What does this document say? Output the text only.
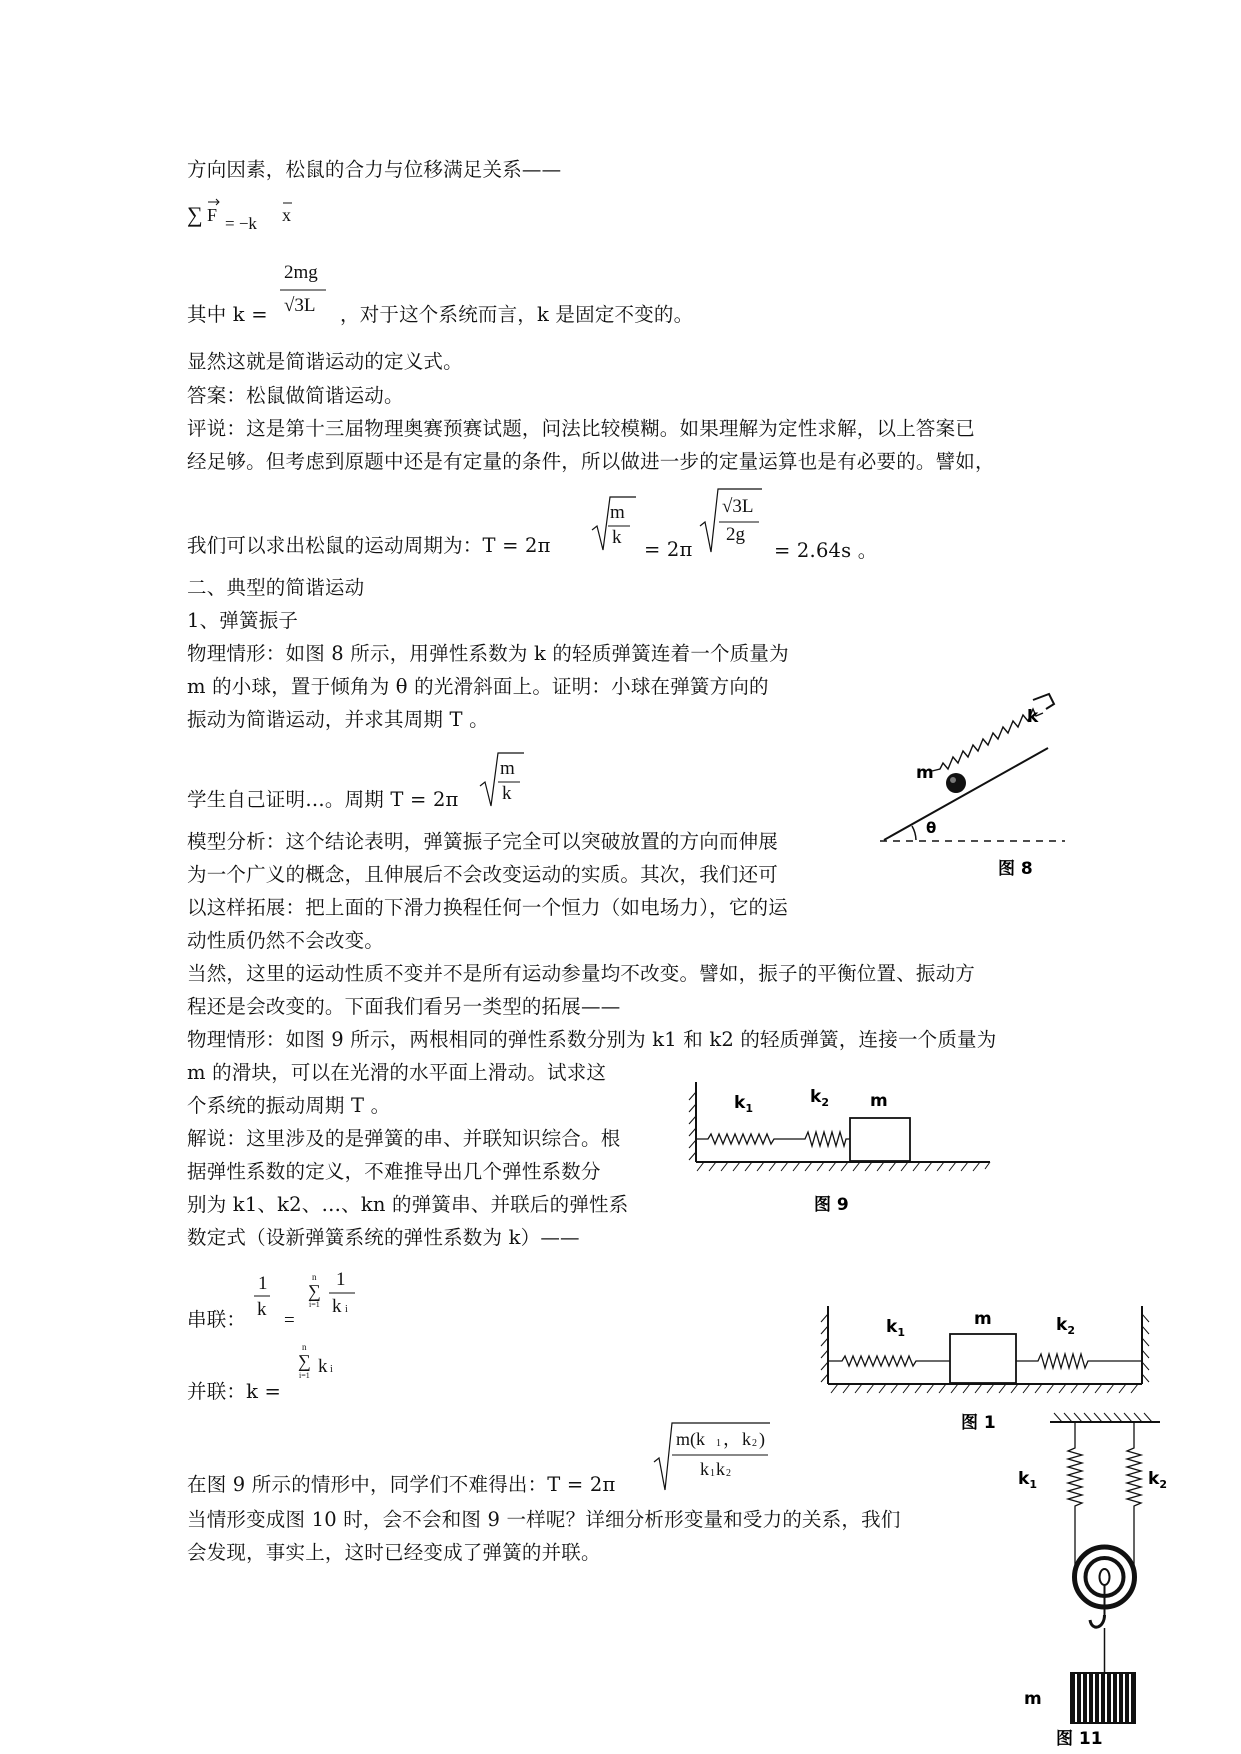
方向因素，松鼠的合力与位移满足关系——
∑ F = −k x
其中 k =
2mg
√3L ，对于这个系统而言，k 是固定不变的。
显然这就是简谐运动的定义式。
答案：松鼠做简谐运动。
评说：这是第十三届物理奥赛预赛试题，问法比较模糊。如果理解为定性求解，以上答案已
经足够。但考虑到原题中还是有定量的条件，所以做进一步的定量运算也是有必要的。譬如，
我们可以求出松鼠的运动周期为：T = 2π
m
k
= 2π
√3L
2g
= 2.64s 。
二、典型的简谐运动
1、弹簧振子
物理情形：如图 8 所示，用弹性系数为 k 的轻质弹簧连着一个质量为
m 的小球，置于倾角为 θ 的光滑斜面上。证明：小球在弹簧方向的
振动为简谐运动，并求其周期 T 。
学生自己证明…。周期 T = 2π
m
k
模型分析：这个结论表明，弹簧振子完全可以突破放置的方向而伸展
为一个广义的概念，且伸展后不会改变运动的实质。其次，我们还可
以这样拓展：把上面的下滑力换程任何一个恒力（如电场力），它的运
动性质仍然不会改变。
当然，这里的运动性质不变并不是所有运动参量均不改变。譬如，振子的平衡位置、振动方
程还是会改变的。下面我们看另一类型的拓展——
物理情形：如图 9 所示，两根相同的弹性系数分别为 k1 和 k2 的轻质弹簧，连接一个质量为
m 的滑块，可以在光滑的水平面上滑动。试求这
个系统的振动周期 T 。
解说：这里涉及的是弹簧的串、并联知识综合。根
据弹性系数的定义，不难推导出几个弹性系数分
别为 k1、k2、…、kn 的弹簧串、并联后的弹性系
数定式（设新弹簧系统的弹性系数为 k）——
串联：
1
k
=
n
∑
i=1
1
k i
并联：k =
n
∑
i=1 k i
在图 9 所示的情形中，同学们不难得出：T = 2π
m(k 1 ， k 2 )
k 1 k 2
当情形变成图 10 时，会不会和图 9 一样呢？详细分析形变量和受力的关系，我们
会发现，事实上，这时已经变成了弹簧的并联。
k
m
θ
图 8
$k_1$
$k_2$ m
图 9
$k_1$
m	$k_2$
图 1
$k_1$	$k_2$
m
图 11
